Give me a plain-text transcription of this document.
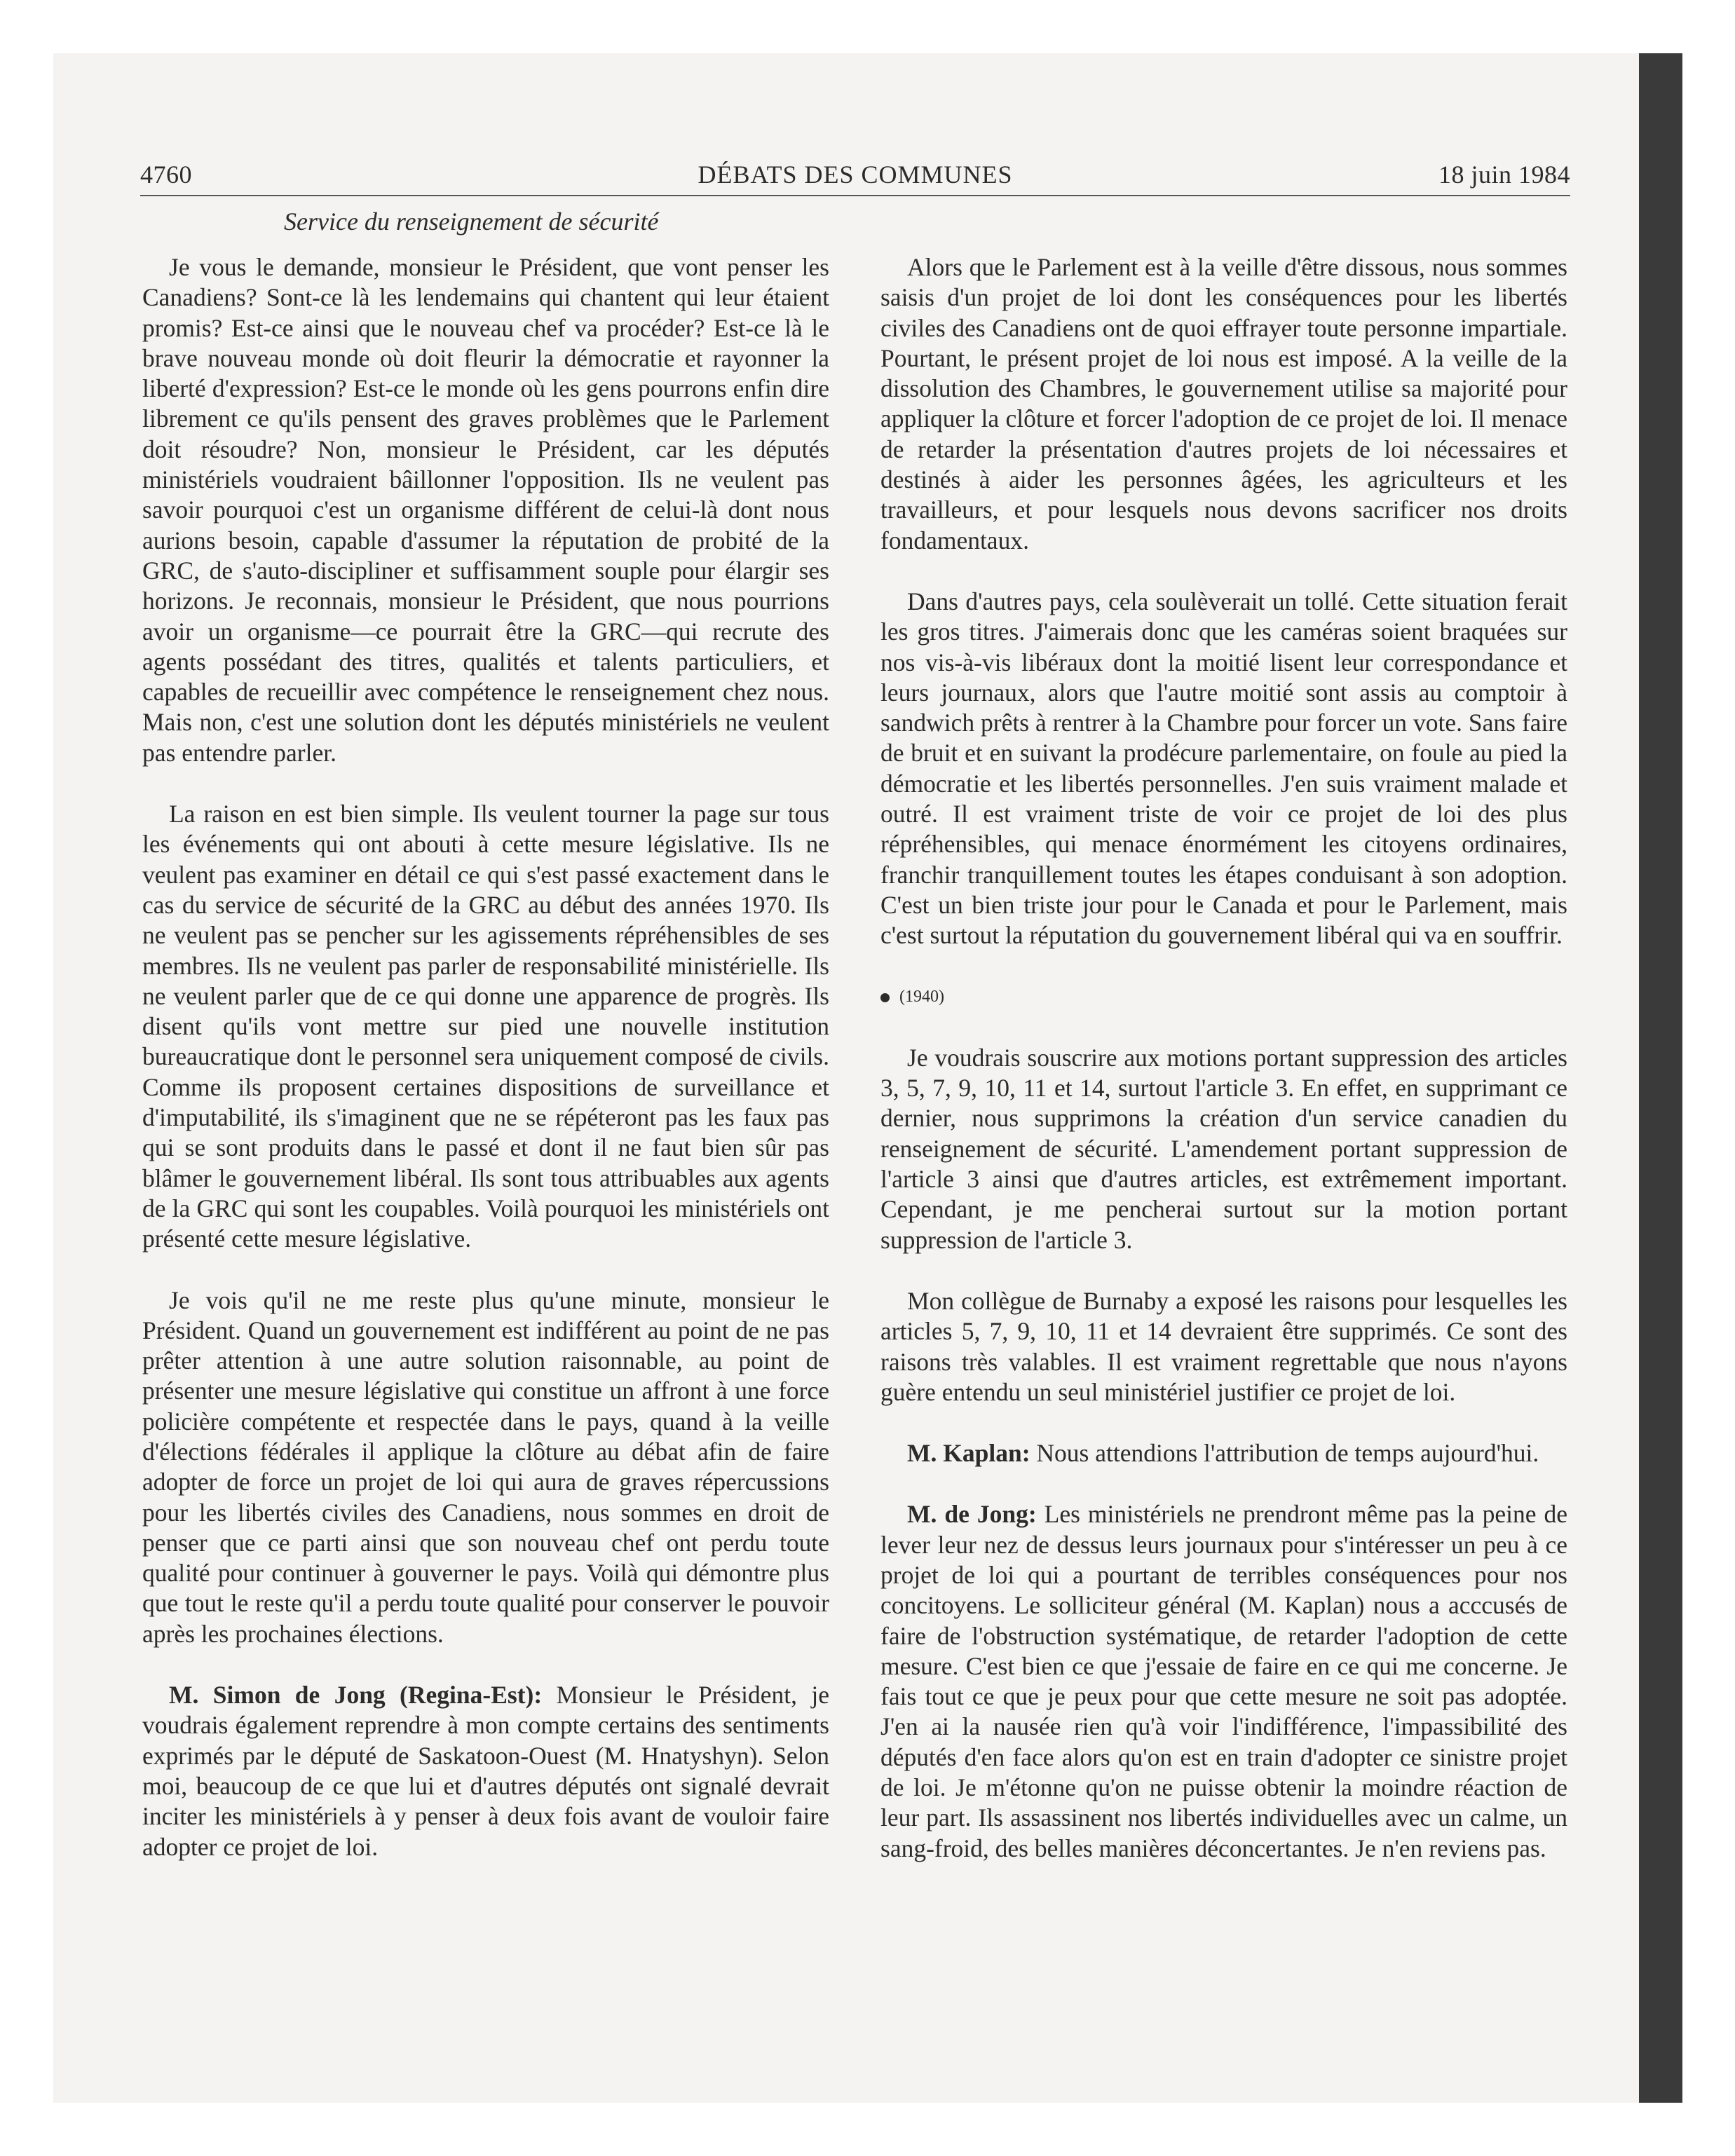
4760	DÉBATS DES COMMUNES	18 juin 1984
Service du renseignement de sécurité

Je vous le demande, monsieur le Président, que vont penser les Canadiens? Sont-ce là les lendemains qui chantent qui leur étaient promis? Est-ce ainsi que le nouveau chef va procéder? Est-ce là le brave nouveau monde où doit fleurir la démocratie et rayonner la liberté d'expression? Est-ce le monde où les gens pourrons enfin dire librement ce qu'ils pensent des graves problèmes que le Parlement doit résoudre? Non, monsieur le Président, car les députés ministériels voudraient bâillonner l'opposition. Ils ne veulent pas savoir pourquoi c'est un organisme différent de celui-là dont nous aurions besoin, capable d'assumer la réputation de probité de la GRC, de s'auto-discipliner et suffisamment souple pour élargir ses horizons. Je reconnais, monsieur le Président, que nous pourrions avoir un organisme—ce pourrait être la GRC—qui recrute des agents possédant des titres, qualités et talents particuliers, et capables de recueillir avec compétence le renseignement chez nous. Mais non, c'est une solution dont les députés ministériels ne veulent pas entendre parler.

La raison en est bien simple. Ils veulent tourner la page sur tous les événements qui ont abouti à cette mesure législative. Ils ne veulent pas examiner en détail ce qui s'est passé exactement dans le cas du service de sécurité de la GRC au début des années 1970. Ils ne veulent pas se pencher sur les agissements répréhensibles de ses membres. Ils ne veulent pas parler de responsabilité ministérielle. Ils ne veulent parler que de ce qui donne une apparence de progrès. Ils disent qu'ils vont mettre sur pied une nouvelle institution bureaucratique dont le personnel sera uniquement composé de civils. Comme ils proposent certaines dispositions de surveillance et d'imputabilité, ils s'imaginent que ne se répéteront pas les faux pas qui se sont produits dans le passé et dont il ne faut bien sûr pas blâmer le gouvernement libéral. Ils sont tous attribuables aux agents de la GRC qui sont les coupables. Voilà pourquoi les ministériels ont présenté cette mesure législative.

Je vois qu'il ne me reste plus qu'une minute, monsieur le Président. Quand un gouvernement est indifférent au point de ne pas prêter attention à une autre solution raisonnable, au point de présenter une mesure législative qui constitue un affront à une force policière compétente et respectée dans le pays, quand à la veille d'élections fédérales il applique la clôture au débat afin de faire adopter de force un projet de loi qui aura de graves répercussions pour les libertés civiles des Canadiens, nous sommes en droit de penser que ce parti ainsi que son nouveau chef ont perdu toute qualité pour continuer à gouverner le pays. Voilà qui démontre plus que tout le reste qu'il a perdu toute qualité pour conserver le pouvoir après les prochaines élections.

M. Simon de Jong (Regina-Est): Monsieur le Président, je voudrais également reprendre à mon compte certains des sentiments exprimés par le député de Saskatoon-Ouest (M. Hnatyshyn). Selon moi, beaucoup de ce que lui et d'autres députés ont signalé devrait inciter les ministériels à y penser à deux fois avant de vouloir faire adopter ce projet de loi.

Alors que le Parlement est à la veille d'être dissous, nous sommes saisis d'un projet de loi dont les conséquences pour les libertés civiles des Canadiens ont de quoi effrayer toute personne impartiale. Pourtant, le présent projet de loi nous est imposé. A la veille de la dissolution des Chambres, le gouvernement utilise sa majorité pour appliquer la clôture et forcer l'adoption de ce projet de loi. Il menace de retarder la présentation d'autres projets de loi nécessaires et destinés à aider les personnes âgées, les agriculteurs et les travailleurs, et pour lesquels nous devons sacrificer nos droits fondamentaux.

Dans d'autres pays, cela soulèverait un tollé. Cette situation ferait les gros titres. J'aimerais donc que les caméras soient braquées sur nos vis-à-vis libéraux dont la moitié lisent leur correspondance et leurs journaux, alors que l'autre moitié sont assis au comptoir à sandwich prêts à rentrer à la Chambre pour forcer un vote. Sans faire de bruit et en suivant la prodécure parlementaire, on foule au pied la démocratie et les libertés personnelles. J'en suis vraiment malade et outré. Il est vraiment triste de voir ce projet de loi des plus répréhensibles, qui menace énormément les citoyens ordinaires, franchir tranquillement toutes les étapes conduisant à son adoption. C'est un bien triste jour pour le Canada et pour le Parlement, mais c'est surtout la réputation du gouvernement libéral qui va en souffrir.

(1940)

Je voudrais souscrire aux motions portant suppression des articles 3, 5, 7, 9, 10, 11 et 14, surtout l'article 3. En effet, en supprimant ce dernier, nous supprimons la création d'un service canadien du renseignement de sécurité. L'amendement portant suppression de l'article 3 ainsi que d'autres articles, est extrêmement important. Cependant, je me pencherai surtout sur la motion portant suppression de l'article 3.

Mon collègue de Burnaby a exposé les raisons pour lesquelles les articles 5, 7, 9, 10, 11 et 14 devraient être supprimés. Ce sont des raisons très valables. Il est vraiment regrettable que nous n'ayons guère entendu un seul ministériel justifier ce projet de loi.

M. Kaplan: Nous attendions l'attribution de temps aujourd'hui.

M. de Jong: Les ministériels ne prendront même pas la peine de lever leur nez de dessus leurs journaux pour s'intéresser un peu à ce projet de loi qui a pourtant de terribles conséquences pour nos concitoyens. Le solliciteur général (M. Kaplan) nous a acccusés de faire de l'obstruction systématique, de retarder l'adoption de cette mesure. C'est bien ce que j'essaie de faire en ce qui me concerne. Je fais tout ce que je peux pour que cette mesure ne soit pas adoptée. J'en ai la nausée rien qu'à voir l'indifférence, l'impassibilité des députés d'en face alors qu'on est en train d'adopter ce sinistre projet de loi. Je m'étonne qu'on ne puisse obtenir la moindre réaction de leur part. Ils assassinent nos libertés individuelles avec un calme, un sang-froid, des belles manières déconcertantes. Je n'en reviens pas.
